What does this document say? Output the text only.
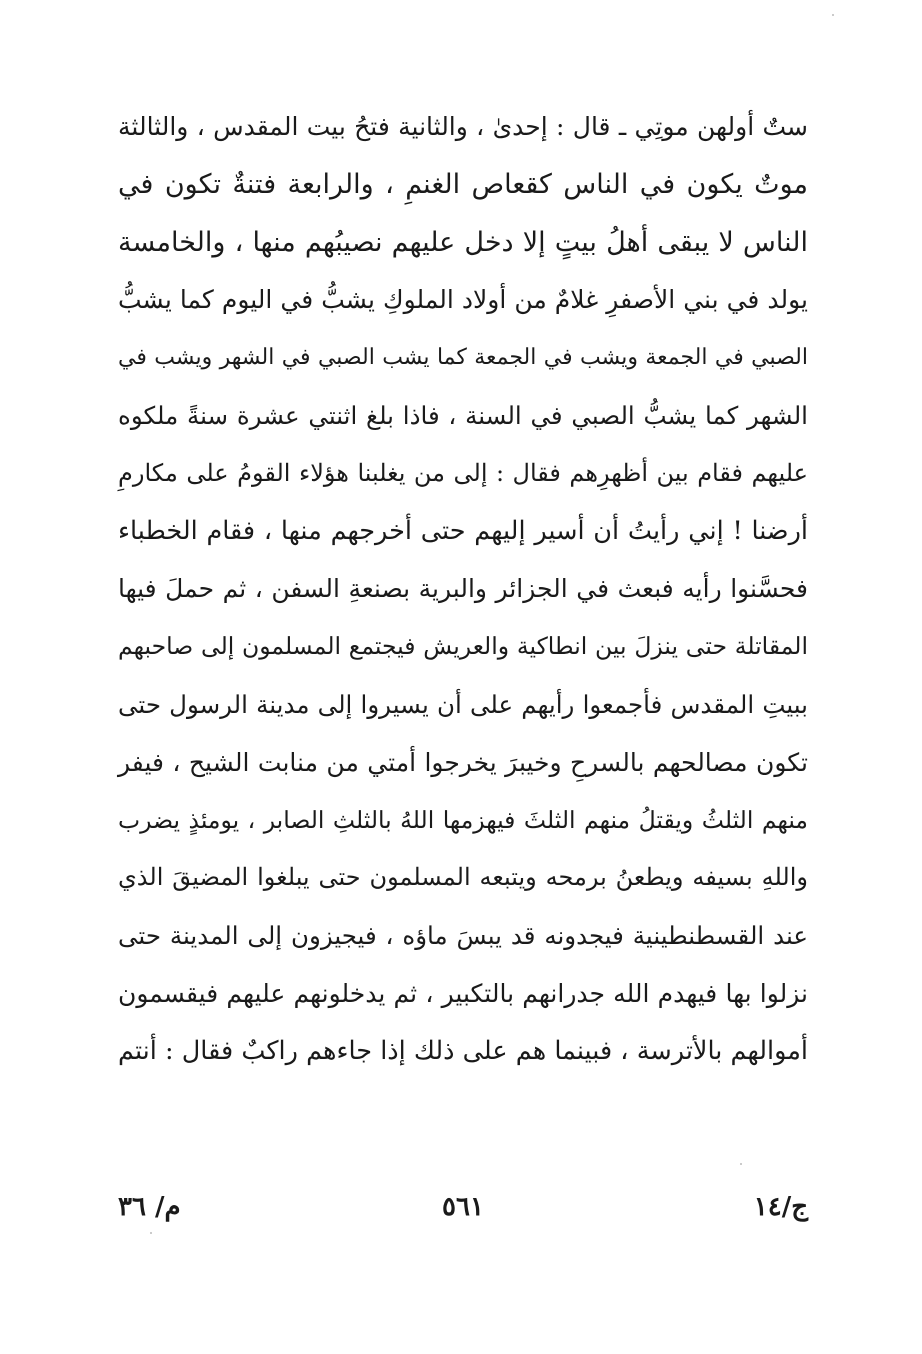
ستٌ أولهن موتِي ـ قال : إحدىٰ ، والثانية فتحُ بيت المقدس ، والثالثة
موتٌ يكون في الناس كقعاص الغنمِ ، والرابعة فتنةٌ تكون في
الناس لا يبقى أهلُ بيتٍ إلا دخل عليهم نصيبُهم منها ، والخامسة
يولد في بني الأصفرِ غلامٌ من أولاد الملوكِ يشبُّ في اليوم كما يشبُّ
الصبي في الجمعة ويشب في الجمعة كما يشب الصبي في الشهر ويشب في
الشهر كما يشبُّ الصبي في السنة ، فاذا بلغ اثنتي عشرة سنةً ملكوه
عليهم فقام بين أظهرِهم فقال : إلى من يغلبنا هؤلاء القومُ على مكارمِ
أرضنا ! إني رأيتُ أن أسير إليهم حتى أخرجهم منها ، فقام الخطباء
فحسَّنوا رأيه فبعث في الجزائر والبرية بصنعةِ السفن ، ثم حملَ فيها
المقاتلة حتى ينزلَ بين انطاكية والعريش فيجتمع المسلمون إلى صاحبهم
ببيتِ المقدس فأجمعوا رأيهم على أن يسيروا إلى مدينة الرسول حتى
تكون مصالحهم بالسرحِ وخيبرَ يخرجوا أمتي من منابت الشيح ، فيفر
منهم الثلثُ ويقتلُ منهم الثلثَ فيهزمها اللهُ بالثلثِ الصابر ، يومئذٍ يضرب
واللهِ بسيفه ويطعنُ برمحه ويتبعه المسلمون حتى يبلغوا المضيقَ الذي
عند القسطنطينية فيجدونه قد يبسَ ماؤه ، فيجيزون إلى المدينة حتى
نزلوا بها فيهدم الله جدرانهم بالتكبير ، ثم يدخلونهم عليهم فيقسمون
أموالهم بالأترسة ، فبينما هم على ذلك إذا جاءهم راكبٌ فقال : أنتم
ج/١٤
٥٦١
م/ ٣٦
